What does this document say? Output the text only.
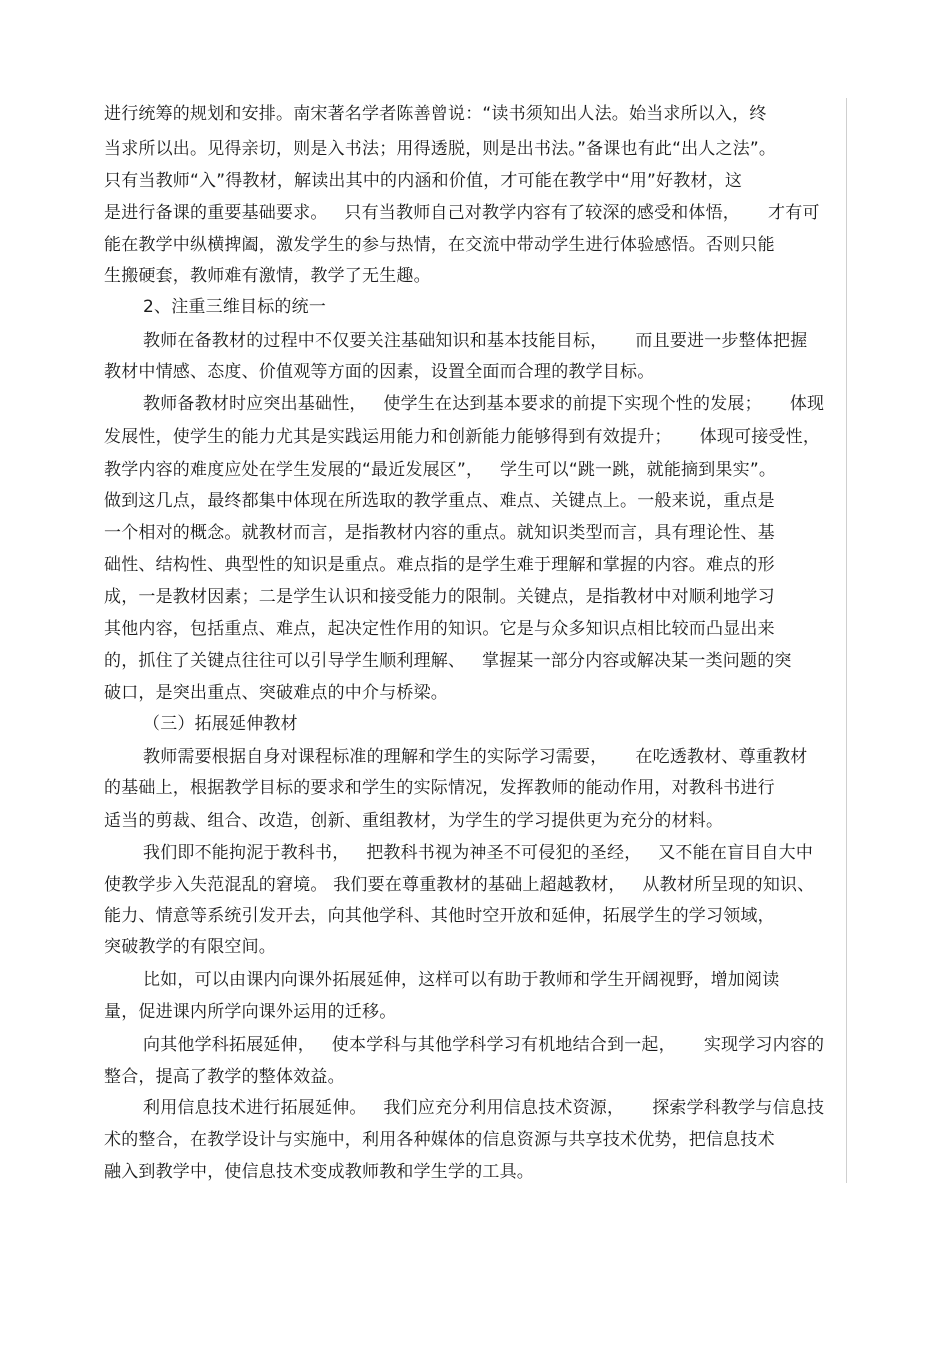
进行统筹的规划和安排。南宋著名学者陈善曾说：“读书须知出人法。始当求所以入，终
当求所以出。见得亲切，则是入书法；用得透脱，则是出书法。”备课也有此“出人之法”。
只有当教师“入”得教材，解读出其中的内涵和价值，才可能在教学中“用”好教材，这
是进行备课的重要基础要求。   只有当教师自己对教学内容有了较深的感受和体悟，     才有可
能在教学中纵横捭阖，激发学生的参与热情，在交流中带动学生进行体验感悟。否则只能
生搬硬套，教师难有激情，教学了无生趣。
2、注重三维目标的统一
教师在备教材的过程中不仅要关注基础知识和基本技能目标，     而且要进一步整体把握
教材中情感、态度、价值观等方面的因素，设置全面而合理的教学目标。
教师备教材时应突出基础性，   使学生在达到基本要求的前提下实现个性的发展；     体现
发展性，使学生的能力尤其是实践运用能力和创新能力能够得到有效提升；     体现可接受性，
教学内容的难度应处在学生发展的“最近发展区”，   学生可以“跳一跳，就能摘到果实”。
做到这几点，最终都集中体现在所选取的教学重点、难点、关键点上。一般来说，重点是
一个相对的概念。就教材而言，是指教材内容的重点。就知识类型而言，具有理论性、基
础性、结构性、典型性的知识是重点。难点指的是学生难于理解和掌握的内容。难点的形
成，一是教材因素；二是学生认识和接受能力的限制。关键点，是指教材中对顺利地学习
其他内容，包括重点、难点，起决定性作用的知识。它是与众多知识点相比较而凸显出来
的，抓住了关键点往往可以引导学生顺利理解、   掌握某一部分内容或解决某一类问题的突
破口，是突出重点、突破难点的中介与桥梁。
（三）拓展延伸教材
教师需要根据自身对课程标准的理解和学生的实际学习需要，     在吃透教材、尊重教材
的基础上，根据教学目标的要求和学生的实际情况，发挥教师的能动作用，对教科书进行
适当的剪裁、组合、改造，创新、重组教材，为学生的学习提供更为充分的材料。
我们即不能拘泥于教科书，   把教科书视为神圣不可侵犯的圣经，   又不能在盲目自大中
使教学步入失范混乱的窘境。 我们要在尊重教材的基础上超越教材，   从教材所呈现的知识、
能力、情意等系统引发开去，向其他学科、其他时空开放和延伸，拓展学生的学习领域，
突破教学的有限空间。
比如，可以由课内向课外拓展延伸，这样可以有助于教师和学生开阔视野，增加阅读
量，促进课内所学向课外运用的迁移。
向其他学科拓展延伸，   使本学科与其他学科学习有机地结合到一起，     实现学习内容的
整合，提高了教学的整体效益。
利用信息技术进行拓展延伸。   我们应充分利用信息技术资源，     探索学科教学与信息技
术的整合，在教学设计与实施中，利用各种媒体的信息资源与共享技术优势，把信息技术
融入到教学中，使信息技术变成教师教和学生学的工具。
